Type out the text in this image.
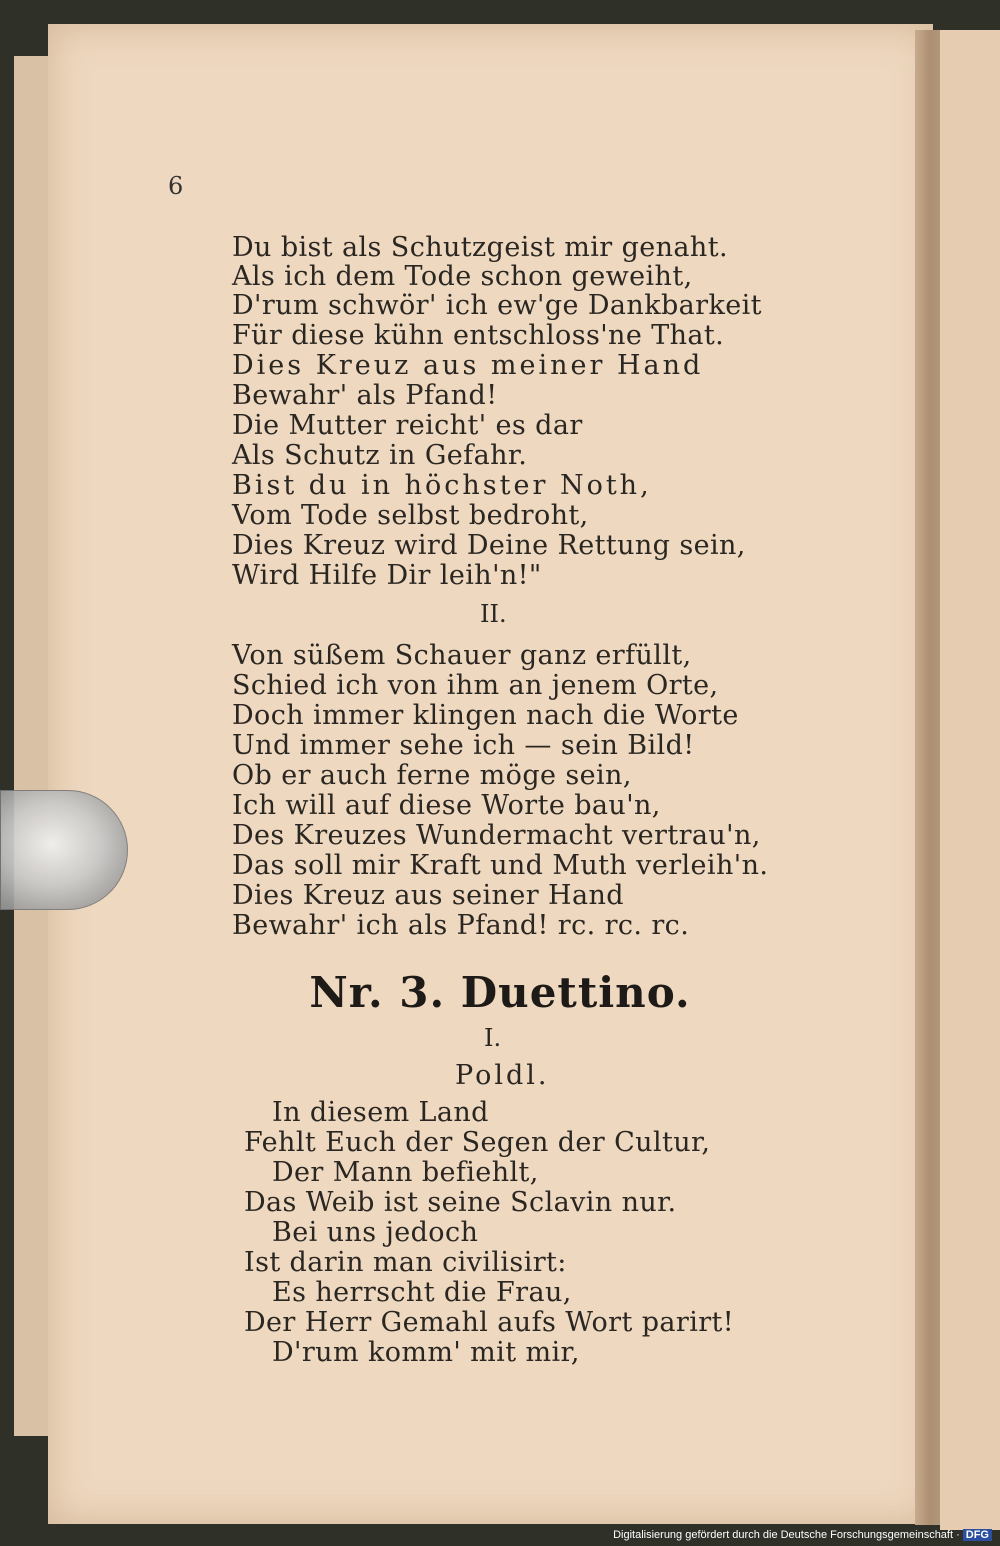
6
Du bist als Schutzgeist mir genaht.
Als ich dem Tode schon geweiht,
D'rum schwör' ich ew'ge Dankbarkeit
Für diese kühn entschloss'ne That.
Dies Kreuz aus meiner Hand
Bewahr' als Pfand!
Die Mutter reicht' es dar
Als Schutz in Gefahr.
Bist du in höchster Noth,
Vom Tode selbst bedroht,
Dies Kreuz wird Deine Rettung sein,
Wird Hilfe Dir leih'n!"
II.
Von süßem Schauer ganz erfüllt,
Schied ich von ihm an jenem Orte,
Doch immer klingen nach die Worte
Und immer sehe ich — sein Bild!
Ob er auch ferne möge sein,
Ich will auf diese Worte bau'n,
Des Kreuzes Wundermacht vertrau'n,
Das soll mir Kraft und Muth verleih'n.
Dies Kreuz aus seiner Hand
Bewahr' ich als Pfand! rc. rc. rc.
Nr. 3. Duettino.
I.
Poldl.
In diesem Land
Fehlt Euch der Segen der Cultur,
Der Mann befiehlt,
Das Weib ist seine Sclavin nur.
Bei uns jedoch
Ist darin man civilisirt:
Es herrscht die Frau,
Der Herr Gemahl aufs Wort parirt!
D'rum komm' mit mir,
Digitalisierung gefördert durch die Deutsche Forschungsgemeinschaft · DFG
